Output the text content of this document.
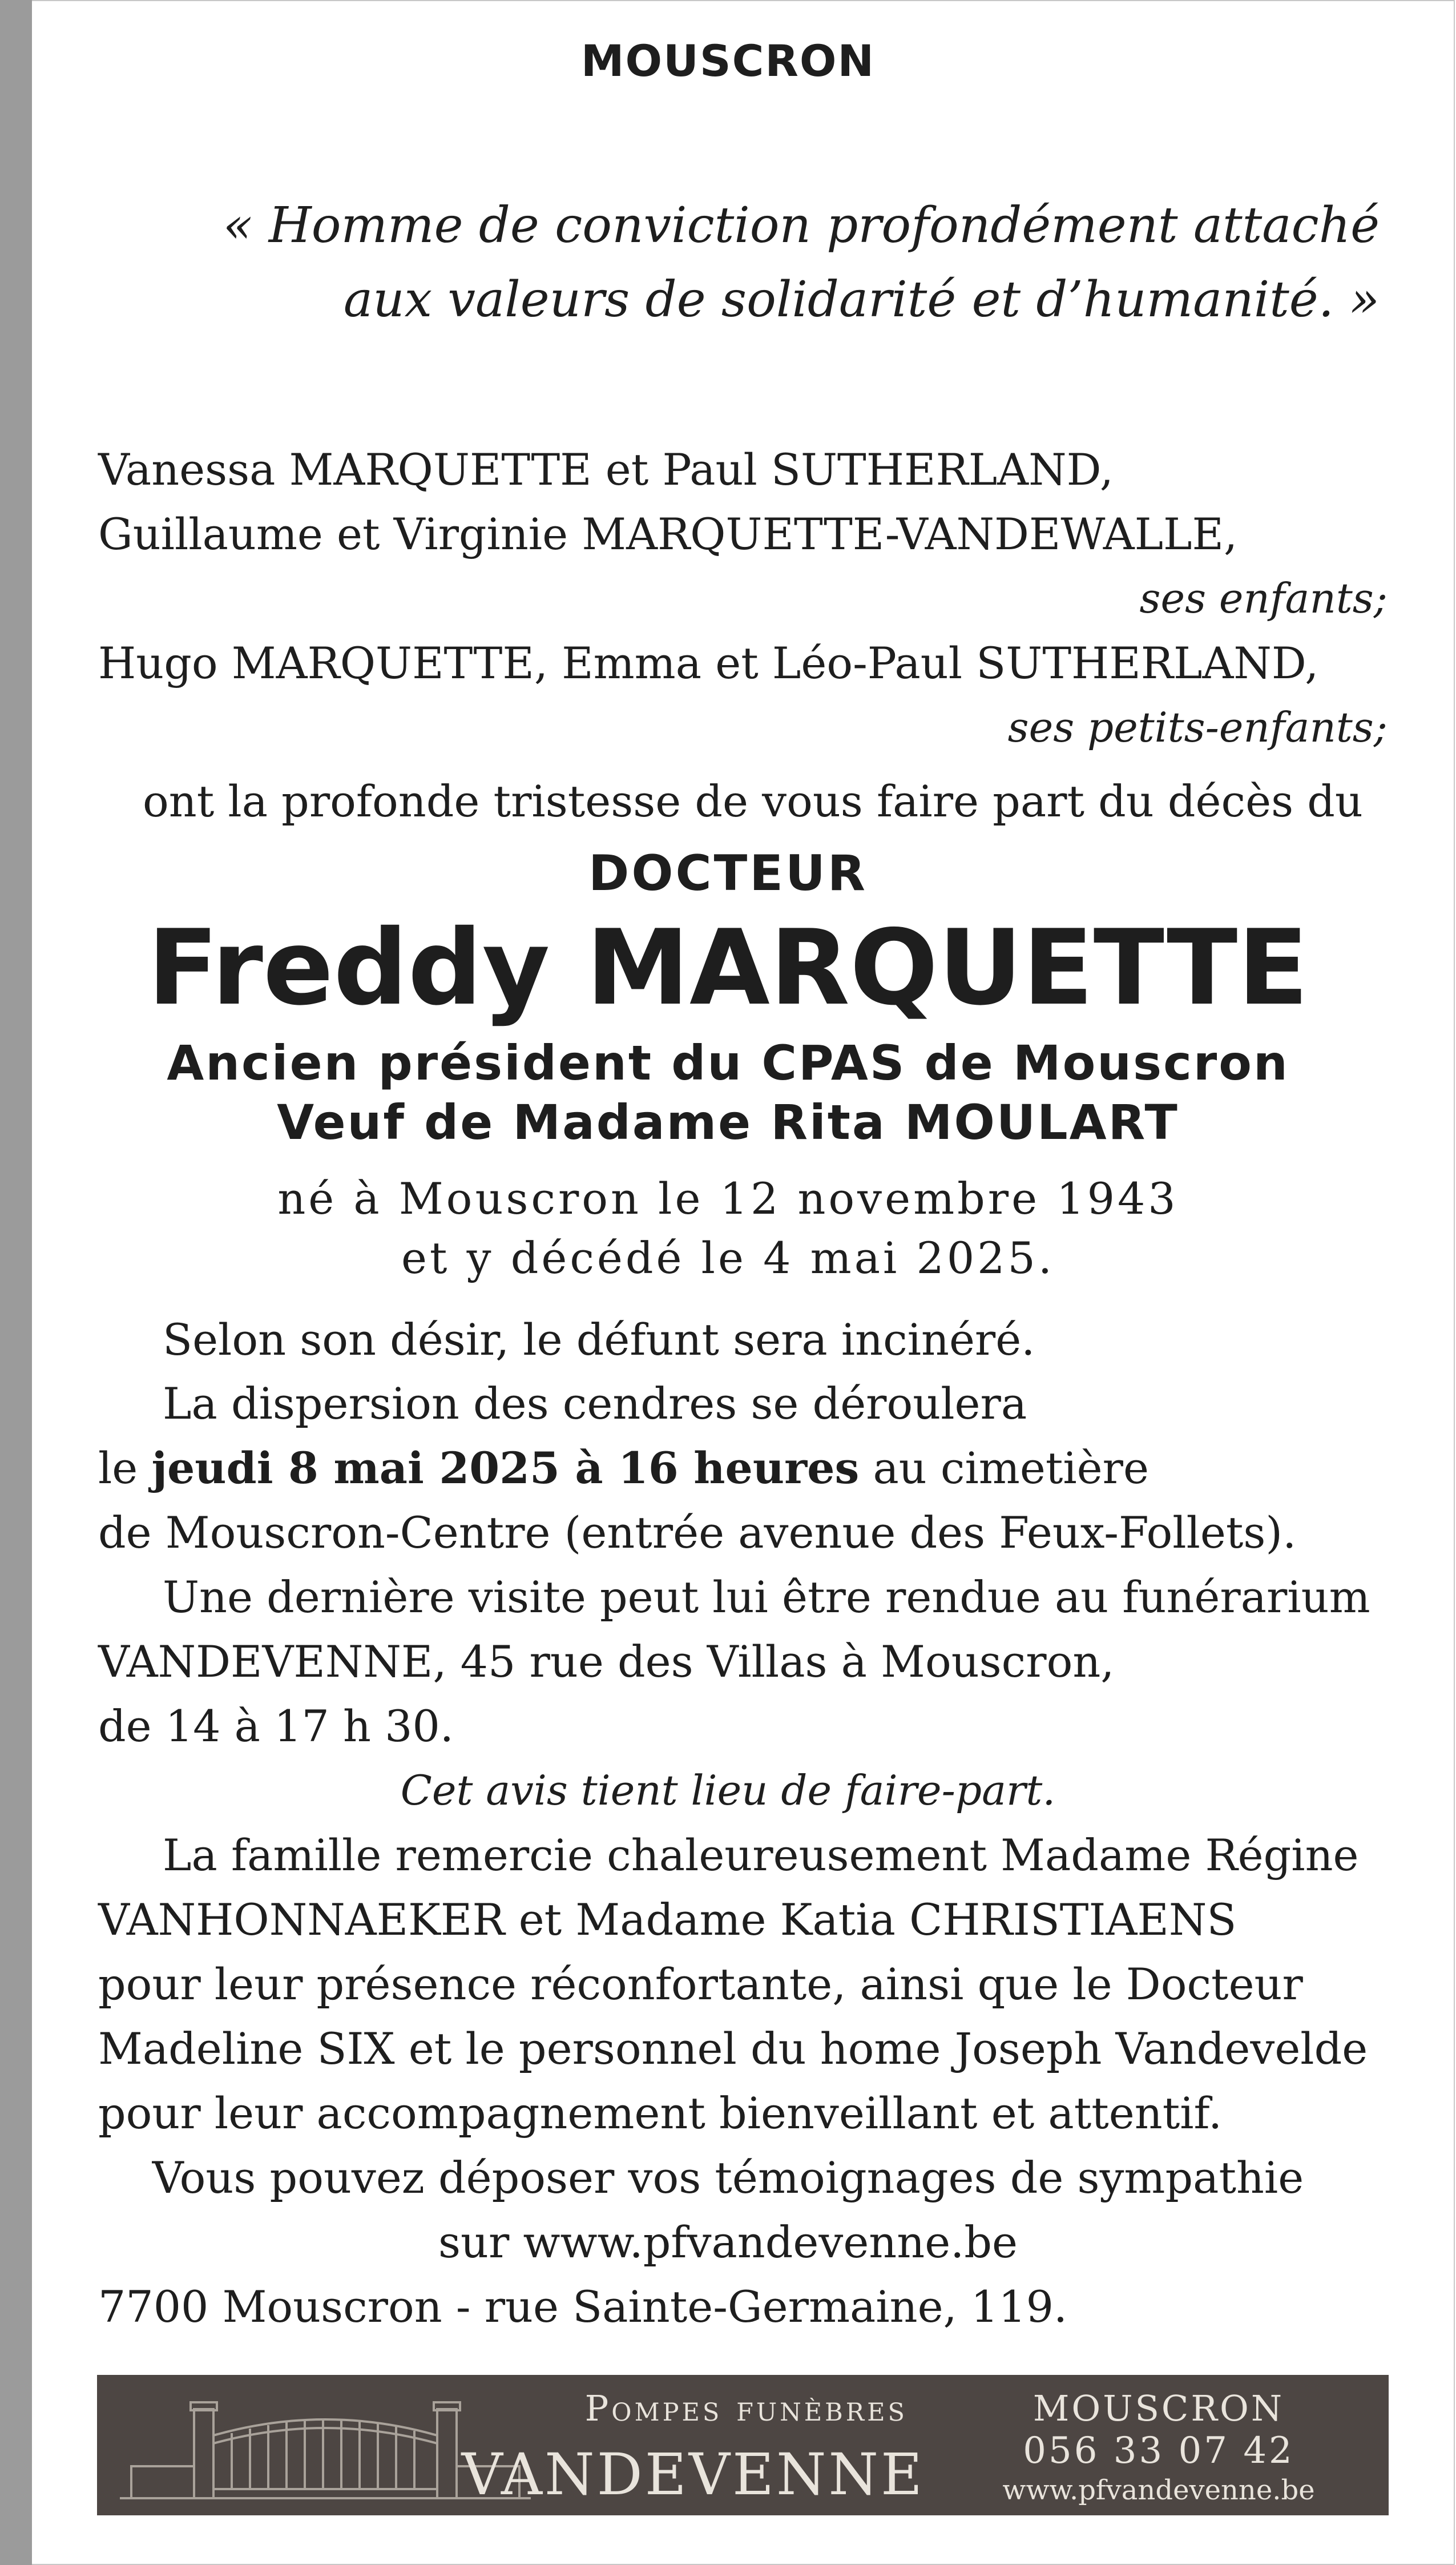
MOUSCRON

« Homme de conviction profondément attaché

aux valeurs de solidarité et d’humanité. »

Vanessa MARQUETTE et Paul SUTHERLAND,

Guillaume et Virginie MARQUETTE-VANDEWALLE,

ses enfants;

Hugo MARQUETTE, Emma et Léo-Paul SUTHERLAND,

ses petits-enfants;

ont la profonde tristesse de vous faire part du décès du

DOCTEUR

Freddy MARQUETTE

Ancien président du CPAS de Mouscron

Veuf de Madame Rita MOULART

né à Mouscron le 12 novembre 1943

et y décédé le 4 mai 2025.

Selon son désir, le défunt sera incinéré.

La dispersion des cendres se déroulera

le jeudi 8 mai 2025 à 16 heures au cimetière

de Mouscron-Centre (entrée avenue des Feux-Follets).

Une dernière visite peut lui être rendue au funérarium

VANDEVENNE, 45 rue des Villas à Mouscron,

de 14 à 17 h 30.

Cet avis tient lieu de faire-part.

La famille remercie chaleureusement Madame Régine

VANHONNAEKER et Madame Katia CHRISTIAENS

pour leur présence réconfortante, ainsi que le Docteur

Madeline SIX et le personnel du home Joseph Vandevelde

pour leur accompagnement bienveillant et attentif.

Vous pouvez déposer vos témoignages de sympathie

sur www.pfvandevenne.be

7700 Mouscron - rue Sainte-Germaine, 119.

Pompes funèbres

VANDEVENNE

MOUSCRON

056 33 07 42

www.pfvandevenne.be
